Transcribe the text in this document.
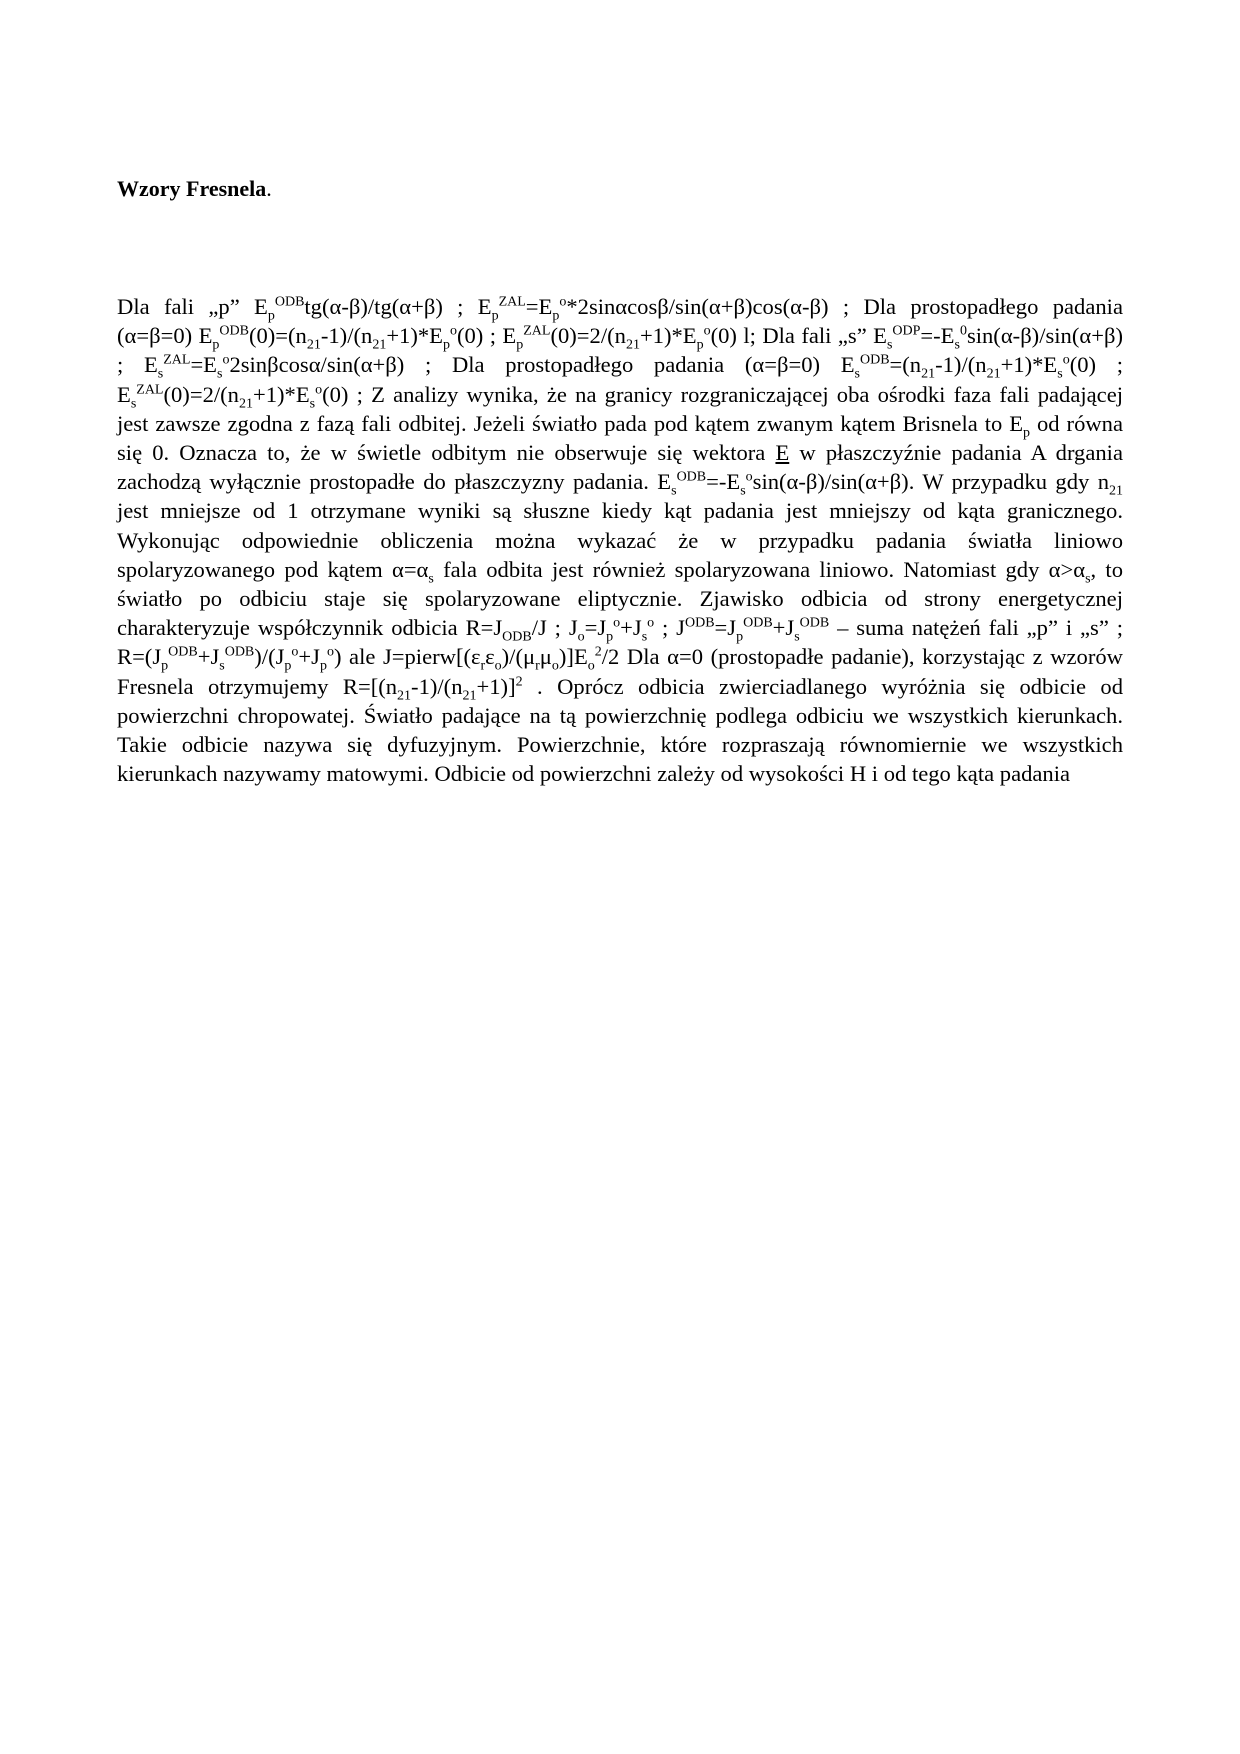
Wzory Fresnela.
Dla fali „p” $E_p^{ODB}tg(\alpha-\beta)/tg(\alpha+\beta)$ ; $E_p^{ZAL}=E_p^o*2\sin\alpha\cos\beta/\sin(\alpha+\beta)\cos(\alpha-\beta)$ ; Dla prostopadłego padania (α=β=0) $E_p^{ODB}(0)=(n_{21}-1)/(n_{21}+1)*E_p^o(0)$ ; $E_p^{ZAL}(0)=2/(n_{21}+1)*E_p^o(0)$ l; Dla fali „s” $E_s^{ODP}=-E_s^0\sin(\alpha-\beta)/\sin(\alpha+\beta)$ ; $E_s^{ZAL}=E_s^o2\sin\beta\cos\alpha/\sin(\alpha+\beta)$ ; Dla prostopadłego padania (α=β=0) $E_s^{ODB}=(n_{21}-1)/(n_{21}+1)*E_s^o(0)$ ; $E_s^{ZAL}(0)=2/(n_{21}+1)*E_s^o(0)$ ; Z analizy wynika, że na granicy rozgraniczającej oba ośrodki faza fali padającej jest zawsze zgodna z fazą fali odbitej. Jeżeli światło pada pod kątem zwanym kątem Brisnela to $E_p$ od równa się 0. Oznacza to, że w świetle odbitym nie obserwuje się wektora E w płaszczyźnie padania A drgania zachodzą wyłącznie prostopadłe do płaszczyzny padania. $E_s^{ODB}=-E_s^o\sin(\alpha-\beta)/\sin(\alpha+\beta)$. W przypadku gdy $n_{21}$ jest mniejsze od 1 otrzymane wyniki są słuszne kiedy kąt padania jest mniejszy od kąta granicznego. Wykonując odpowiednie obliczenia można wykazać że w przypadku padania światła liniowo spolaryzowanego pod kątem $\alpha=\alpha_s$ fala odbita jest również spolaryzowana liniowo. Natomiast gdy $\alpha>\alpha_s$, to światło po odbiciu staje się spolaryzowane eliptycznie. Zjawisko odbicia od strony energetycznej charakteryzuje współczynnik odbicia $R=J_{ODB}/J$ ; $J_o=J_p^o+J_s^o$ ; $J^{ODB}=J_p^{ODB}+J_s^{ODB}$ – suma natężeń fali „p” i „s” ; $R=(J_p^{ODB}+J_s^{ODB})/(J_p^o+J_p^o)$ ale $J=pierw[(\varepsilon_r\varepsilon_o)/(\mu_r\mu_o)]E_o^2/2$ Dla α=0 (prostopadłe padanie), korzystając z wzorów Fresnela otrzymujemy $R=[(n_{21}-1)/(n_{21}+1)]^2$ . Oprócz odbicia zwierciadlanego wyróżnia się odbicie od powierzchni chropowatej. Światło padające na tą powierzchnię podlega odbiciu we wszystkich kierunkach. Takie odbicie nazywa się dyfuzyjnym. Powierzchnie, które rozpraszają równomiernie we wszystkich kierunkach nazywamy matowymi. Odbicie od powierzchni zależy od wysokości H i od tego kąta padania
